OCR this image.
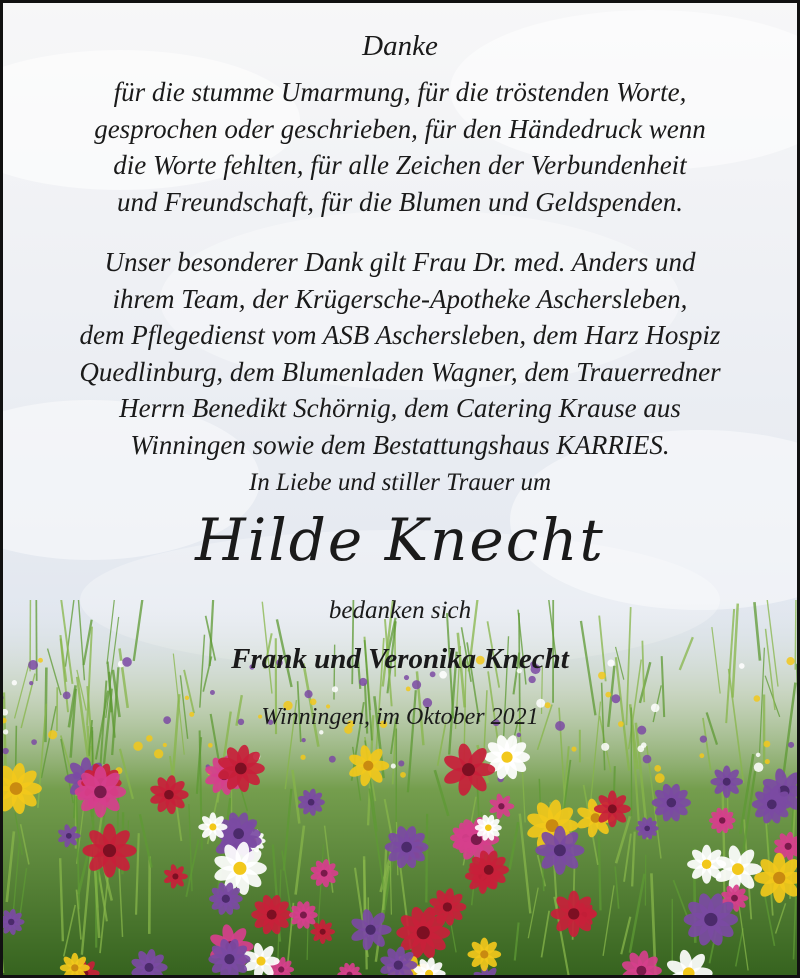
Danke

für die stumme Umarmung, für die tröstenden Worte,

gesprochen oder geschrieben, für den Händedruck wenn

die Worte fehlten, für alle Zeichen der Verbundenheit

und Freundschaft, für die Blumen und Geldspenden.

Unser besonderer Dank gilt Frau Dr. med. Anders und

ihrem Team, der Krügersche-Apotheke Aschersleben,

dem Pflegedienst vom ASB Aschersleben, dem Harz Hospiz

Quedlinburg, dem Blumenladen Wagner, dem Trauerredner

Herrn Benedikt Schörnig, dem Catering Krause aus

Winningen sowie dem Bestattungshaus KARRIES.

In Liebe und stiller Trauer um
Hilde Knecht
bedanken sich
Frank und Veronika Knecht
Winningen, im Oktober 2021
